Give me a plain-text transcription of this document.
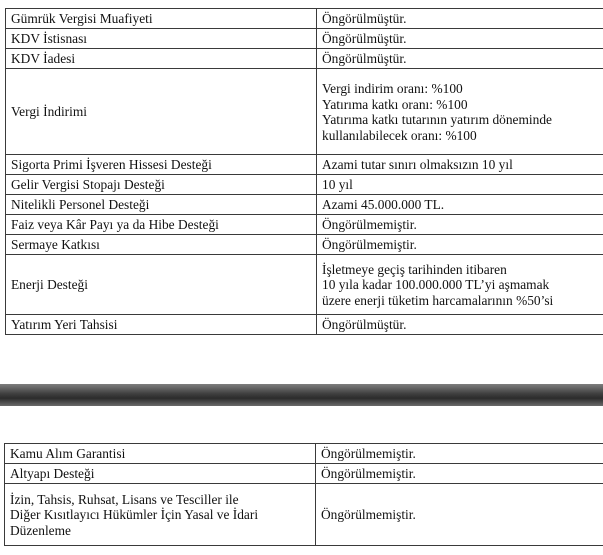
Gümrük Vergisi Muafiyeti	Öngörülmüştür.
KDV İstisnası	Öngörülmüştür.
KDV İadesi	Öngörülmüştür.
Vergi İndirimi	Vergi indirim oranı: %100
Yatırıma katkı oranı: %100
Yatırıma katkı tutarının yatırım döneminde
kullanılabilecek oranı: %100

Sigorta Primi İşveren Hissesi Desteği	Azami tutar sınırı olmaksızın 10 yıl
Gelir Vergisi Stopajı Desteği	10 yıl
Nitelikli Personel Desteği	Azami 45.000.000 TL.
Faiz veya Kâr Payı ya da Hibe Desteği	Öngörülmemiştir.
Sermaye Katkısı	Öngörülmemiştir.
Enerji Desteği	İşletmeye geçiş tarihinden itibaren
10 yıla kadar 100.000.000 TL’yi aşmamak
üzere enerji tüketim harcamalarının %50’si

Yatırım Yeri Tahsisi	Öngörülmüştür.
Kamu Alım Garantisi	Öngörülmemiştir.
Altyapı Desteği	Öngörülmemiştir.

İzin, Tahsis, Ruhsat, Lisans ve Tesciller ile
Diğer Kısıtlayıcı Hükümler İçin Yasal ve İdari
Düzenleme	Öngörülmemiştir.
